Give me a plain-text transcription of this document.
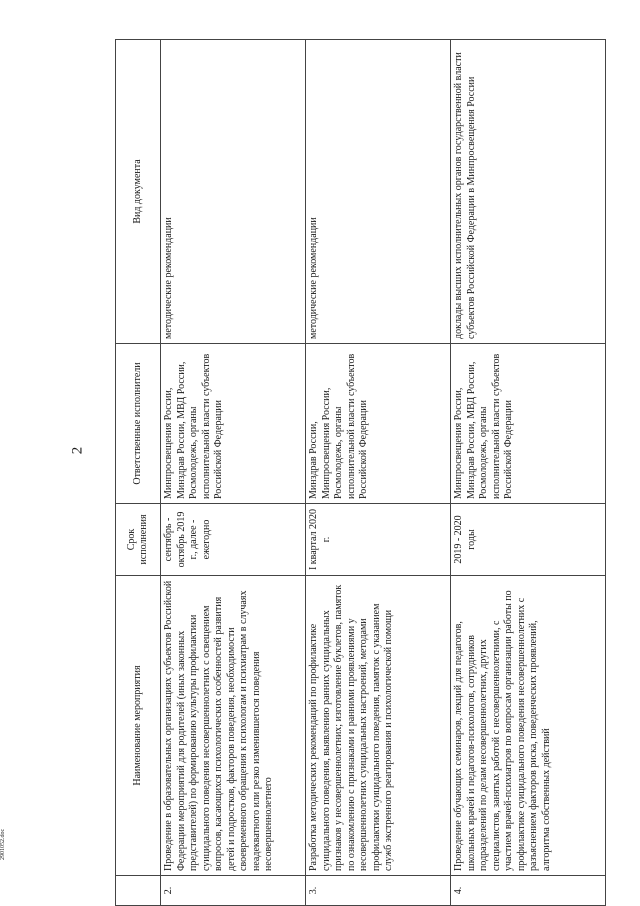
2
2901052.doc
	Наименование мероприятия	Срок исполнения	Ответственные исполнители	Вид документа
2.	Проведение в образовательных организациях субъектов Российской Федерации мероприятий для родителей (иных законных представителей) по формированию культуры профилактики суицидального поведения несовершеннолетних с освещением вопросов, касающихся психологических особенностей развития детей и подростков, факторов поведения, необходимости своевременного обращения к психологам и психиатрам в случаях неадекватного или резко изменившегося поведения несовершеннолетнего	сентябрь - октябрь 2019 г., далее - ежегодно	Минпросвещения России, Минздрав России, МВД России, Росмолодежь, органы исполнительной власти субъектов Российской Федерации	методические рекомендации
3.	Разработка методических рекомендаций по профилактике суицидального поведения, выявлению ранних суицидальных признаков у несовершеннолетних; изготовление буклетов, памяток по ознакомлению с признаками и ранними проявлениями у несовершеннолетних суицидальных настроений, методами профилактики суицидального поведения, памяток с указанием служб экстренного реагирования и психологической помощи	I квартал 2020 г.	Минздрав России, Минпросвещения России, Росмолодежь, органы исполнительной власти субъектов Российской Федерации	методические рекомендации
4.	Проведение обучающих семинаров, лекций для педагогов, школьных врачей и педагогов-психологов, сотрудников подразделений по делам несовершеннолетних, других специалистов, занятых работой с несовершеннолетними, с участием врачей-психиатров по вопросам организации работы по профилактике суицидального поведения несовершеннолетних с разъяснением факторов риска, поведенческих проявлений, алгоритма собственных действий	2019 - 2020 годы	Минпросвещения России, Минздрав России, МВД России, Росмолодежь, органы исполнительной власти субъектов Российской Федерации	доклады высших исполнительных органов государственной власти субъектов Российской Федерации в Минпросвещения России
